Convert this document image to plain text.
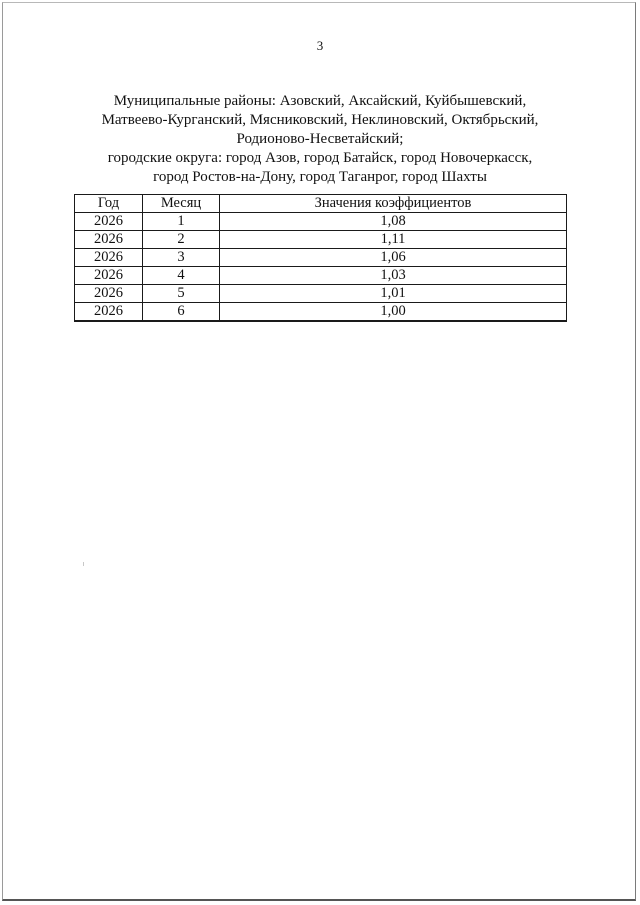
3
Муниципальные районы: Азовский, Аксайский, Куйбышевский,
Матвеево-Курганский, Мясниковский, Неклиновский, Октябрьский,
Родионово-Несветайский;
городские округа: город Азов, город Батайск, город Новочеркасск,
город Ростов-на-Дону, город Таганрог, город Шахты
Год	Месяц	Значения коэффициентов
2026	1	1,08
2026	2	1,11
2026	3	1,06
2026	4	1,03
2026	5	1,01
2026	6	1,00
